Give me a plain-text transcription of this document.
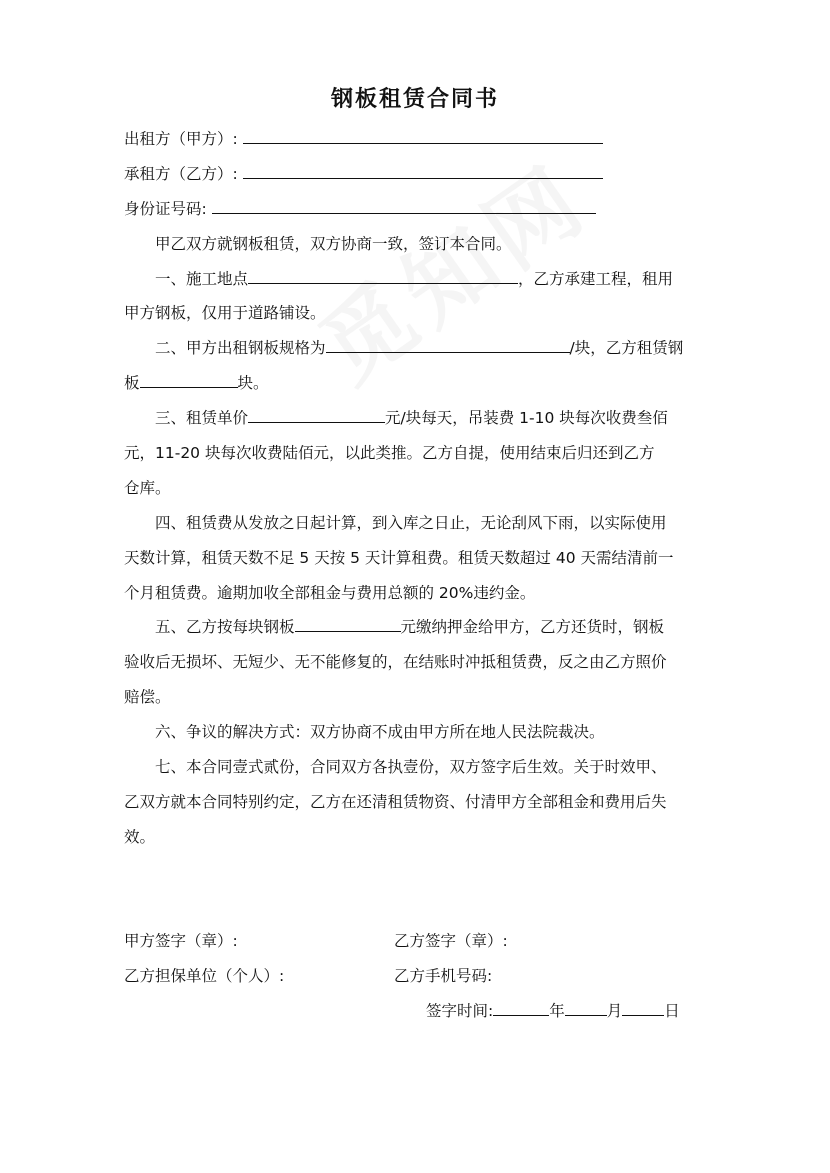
钢板租赁合同书
出租方（甲方）:
承租方（乙方）:
身份证号码:
甲乙双方就钢板租赁，双方协商一致，签订本合同。
一、施工地点	，乙方承建工程，租用
甲方钢板，仅用于道路铺设。
二、甲方出租钢板规格为	/块，乙方租赁钢
板	块。
三、租赁单价	元/块每天，吊装费 1-10 块每次收费叁佰
元，11-20 块每次收费陆佰元，以此类推。乙方自提，使用结束后归还到乙方
仓库。
四、租赁费从发放之日起计算，到入库之日止，无论刮风下雨，以实际使用
天数计算，租赁天数不足 5 天按 5 天计算租费。租赁天数超过 40 天需结清前一
个月租赁费。逾期加收全部租金与费用总额的 20%违约金。
五、乙方按每块钢板	元缴纳押金给甲方，乙方还货时，钢板
验收后无损坏、无短少、无不能修复的，在结账时冲抵租赁费，反之由乙方照价
赔偿。
六、争议的解决方式：双方协商不成由甲方所在地人民法院裁决。
七、本合同壹式贰份，合同双方各执壹份，双方签字后生效。关于时效甲、
乙双方就本合同特别约定，乙方在还清租赁物资、付清甲方全部租金和费用后失
效。
甲方签字（章）:	乙方签字（章）:
乙方担保单位（个人）:	乙方手机号码:
签字时间:	年	月	日
